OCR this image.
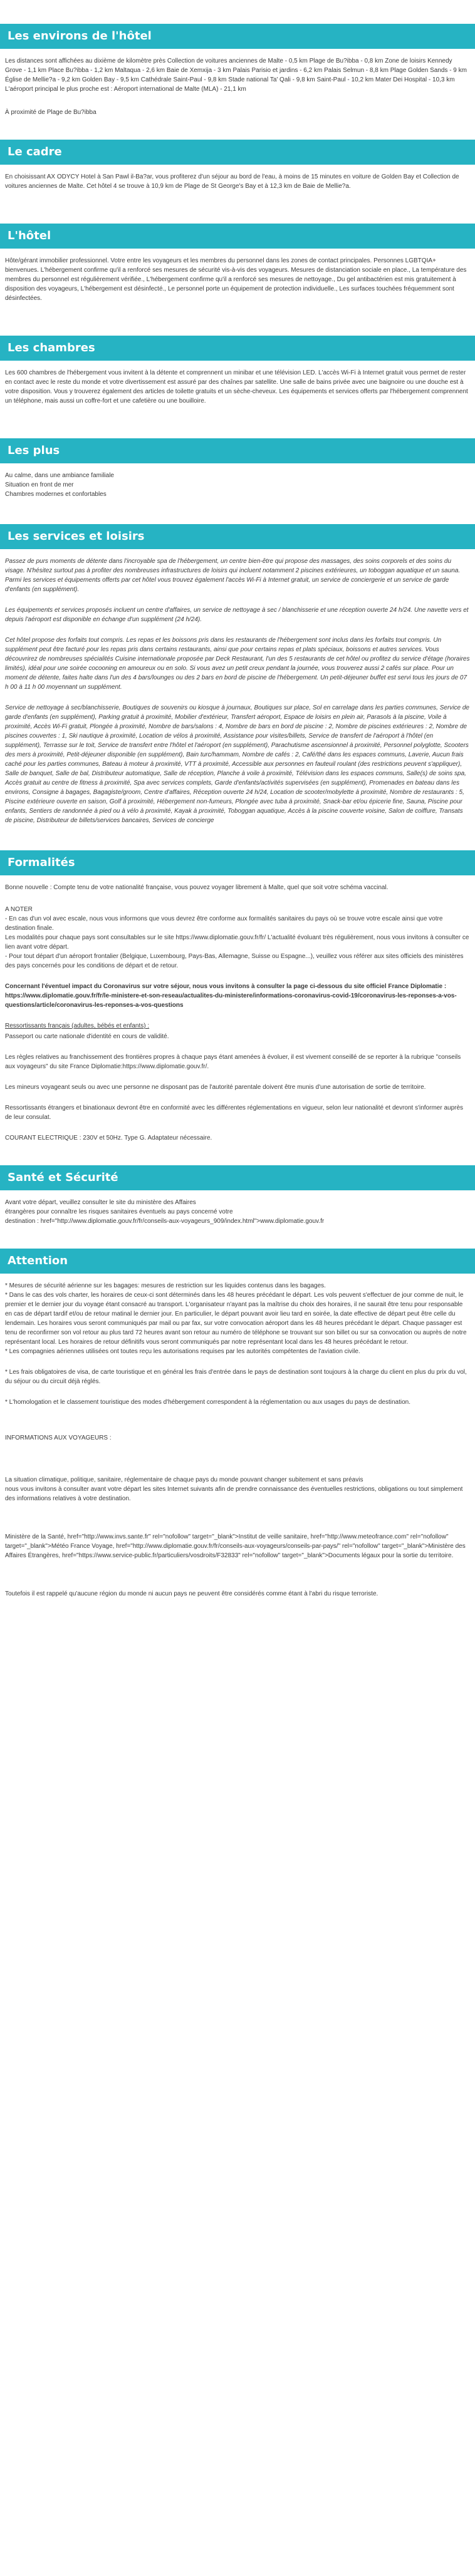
Les environs de l'hôtel
Les distances sont affichées au dixième de kilomètre près Collection de voitures anciennes de Malte - 0,5 km Plage de Bu?ibba - 0,8 km Zone de loisirs Kennedy Grove - 1,1 km Place Bu?ibba - 1,2 km Maltaqua - 2,6 km Baie de Xemxija - 3 km Palais Parisio et jardins - 6,2 km Palais Selmun - 8,8 km Plage Golden Sands - 9 km Église de Mellie?a - 9,2 km Golden Bay - 9,5 km Cathédrale Saint-Paul - 9,8 km Stade national Ta' Qali - 9,8 km Saint-Paul - 10,2 km Mater Dei Hospital - 10,3 km L'aéroport principal le plus proche est : Aéroport international de Malte (MLA) - 21,1 km
À proximité de Plage de Bu?ibba
Le cadre
En choisissant AX ODYCY Hotel à San Pawl il-Ba?ar, vous profiterez d'un séjour au bord de l'eau, à moins de 15 minutes en voiture de Golden Bay et Collection de voitures anciennes de Malte. Cet hôtel 4 se trouve à 10,9 km de Plage de St George's Bay et à 12,3 km de Baie de Mellie?a.
L'hôtel
Hôte/gérant immobilier professionnel. Votre entre les voyageurs et les membres du personnel dans les zones de contact principales. Personnes LGBTQIA+ bienvenues. L'hébergement confirme qu'il a renforcé ses mesures de sécurité vis-à-vis des voyageurs. Mesures de distanciation sociale en place., La température des membres du personnel est régulièrement vérifiée., L'hébergement confirme qu'il a renforcé ses mesures de nettoyage., Du gel antibactérien est mis gratuitement à disposition des voyageurs, L'hébergement est désinfecté., Le personnel porte un équipement de protection individuelle., Les surfaces touchées fréquemment sont désinfectées.
Les chambres
Les 600 chambres de l'hébergement vous invitent à la détente et comprennent un minibar et une télévision LED. L'accès Wi-Fi à Internet gratuit vous permet de rester en contact avec le reste du monde et votre divertissement est assuré par des chaînes par satellite. Une salle de bains privée avec une baignoire ou une douche est à votre disposition. Vous y trouverez également des articles de toilette gratuits et un sèche-cheveux. Les équipements et services offerts par l'hébergement comprennent un téléphone, mais aussi un coffre-fort et une cafetière ou une bouilloire.
Les plus
Au calme, dans une ambiance familiale
Situation en front de mer
Chambres modernes et confortables
Les services et loisirs
Passez de purs moments de détente dans l'incroyable spa de l'hébergement, un centre bien-être qui propose des massages, des soins corporels et des soins du visage. N'hésitez surtout pas à profiter des nombreuses infrastructures de loisirs qui incluent notamment 2 piscines extérieures, un toboggan aquatique et un sauna. Parmi les services et équipements offerts par cet hôtel vous trouvez également l'accès Wi-Fi à Internet gratuit, un service de conciergerie et un service de garde d'enfants (en supplément).
Les équipements et services proposés incluent un centre d'affaires, un service de nettoyage à sec / blanchisserie et une réception ouverte 24 h/24. Une navette vers et depuis l'aéroport est disponible en échange d'un supplément (24 h/24).
Cet hôtel propose des forfaits tout compris. Les repas et les boissons pris dans les restaurants de l'hébergement sont inclus dans les forfaits tout compris. Un supplément peut être facturé pour les repas pris dans certains restaurants, ainsi que pour certains repas et plats spéciaux, boissons et autres services. Vous découvrirez de nombreuses spécialités Cuisine internationale proposée par Deck Restaurant, l'un des 5 restaurants de cet hôtel ou profitez du service d'étage (horaires limités), idéal pour une soirée cocooning en amoureux ou en solo. Si vous avez un petit creux pendant la journée, vous trouverez aussi 2 cafés sur place. Pour un moment de détente, faites halte dans l'un des 4 bars/lounges ou des 2 bars en bord de piscine de l'hébergement. Un petit-déjeuner buffet est servi tous les jours de 07 h 00 à 11 h 00 moyennant un supplément.
Service de nettoyage à sec/blanchisserie, Boutiques de souvenirs ou kiosque à journaux, Boutiques sur place, Sol en carrelage dans les parties communes, Service de garde d'enfants (en supplément), Parking gratuit à proximité, Mobilier d'extérieur, Transfert aéroport, Espace de loisirs en plein air, Parasols à la piscine, Voile à proximité, Accès Wi-Fi gratuit, Plongée à proximité, Nombre de bars/salons : 4, Nombre de bars en bord de piscine : 2, Nombre de piscines extérieures : 2, Nombre de piscines couvertes : 1, Ski nautique à proximité, Location de vélos à proximité, Assistance pour visites/billets, Service de transfert de l'aéroport à l'hôtel (en supplément), Terrasse sur le toit, Service de transfert entre l'hôtel et l'aéroport (en supplément), Parachutisme ascensionnel à proximité, Personnel polyglotte, Scooters des mers à proximité, Petit-déjeuner disponible (en supplément), Bain turc/hammam, Nombre de cafés : 2, Café/thé dans les espaces communs, Laverie, Aucun frais caché pour les parties communes, Bateau à moteur à proximité, VTT à proximité, Accessible aux personnes en fauteuil roulant (des restrictions peuvent s'appliquer), Salle de banquet, Salle de bal, Distributeur automatique, Salle de réception, Planche à voile à proximité, Télévision dans les espaces communs, Salle(s) de soins spa, Accès gratuit au centre de fitness à proximité, Spa avec services complets, Garde d'enfants/activités supervisées (en supplément), Promenades en bateau dans les environs, Consigne à bagages, Bagagiste/groom, Centre d'affaires, Réception ouverte 24 h/24, Location de scooter/mobylette à proximité, Nombre de restaurants : 5, Piscine extérieure ouverte en saison, Golf à proximité, Hébergement non-fumeurs, Plongée avec tuba à proximité, Snack-bar et/ou épicerie fine, Sauna, Piscine pour enfants, Sentiers de randonnée à pied ou à vélo à proximité, Kayak à proximité, Toboggan aquatique, Accès à la piscine couverte voisine, Salon de coiffure, Transats de piscine, Distributeur de billets/services bancaires, Services de concierge
Formalités
Bonne nouvelle : Compte tenu de votre nationalité française, vous pouvez voyager librement à Malte, quel que soit votre schéma vaccinal.
A NOTER
- En cas d'un vol avec escale, nous vous informons que vous devrez être conforme aux formalités sanitaires du pays où se trouve votre escale ainsi que votre destination finale.
Les modalités pour chaque pays sont consultables sur le site https://www.diplomatie.gouv.fr/fr/ L'actualité évoluant très régulièrement, nous vous invitons à consulter ce lien avant votre départ.
- Pour tout départ d'un aéroport frontalier (Belgique, Luxembourg, Pays-Bas, Allemagne, Suisse ou Espagne...), veuillez vous référer aux sites officiels des ministères des pays concernés pour les conditions de départ et de retour.
Concernant l'éventuel impact du Coronavirus sur votre séjour, nous vous invitons à consulter la page ci-dessous du site officiel France Diplomatie :
https://www.diplomatie.gouv.fr/fr/le-ministere-et-son-reseau/actualites-du-ministere/informations-coronavirus-covid-19/coronavirus-les-reponses-a-vos-questions/article/coronavirus-les-reponses-a-vos-questions
Ressortissants français (adultes, bébés et enfants) :
Passeport ou carte nationale d'identité en cours de validité.
Les règles relatives au franchissement des frontières propres à chaque pays étant amenées à évoluer, il est vivement conseillé de se reporter à la rubrique "conseils aux voyageurs" du site France Diplomatie:https://www.diplomatie.gouv.fr/.
Les mineurs voyageant seuls ou avec une personne ne disposant pas de l'autorité parentale doivent être munis d'une autorisation de sortie de territoire.
Ressortissants étrangers et binationaux devront être en conformité avec les différentes réglementations en vigueur, selon leur nationalité et devront s'informer auprès de leur consulat.
COURANT ELECTRIQUE : 230V et 50Hz. Type G. Adaptateur nécessaire.
Santé et Sécurité
Avant votre départ, veuillez consulter le site du ministère des Affaires
étrangères pour connaître les risques sanitaires éventuels au pays concerné votre
destination : href="http://www.diplomatie.gouv.fr/fr/conseils-aux-voyageurs_909/index.html">www.diplomatie.gouv.fr
Attention
* Mesures de sécurité aérienne sur les bagages: mesures de restriction sur les liquides contenus dans les bagages.
* Dans le cas des vols charter, les horaires de ceux-ci sont déterminés dans les 48 heures précédant le départ. Les vols peuvent s'effectuer de jour comme de nuit, le premier et le dernier jour du voyage étant consacré au transport. L'organisateur n'ayant pas la maîtrise du choix des horaires, il ne saurait être tenu pour responsable en cas de départ tardif et/ou de retour matinal le dernier jour. En particulier, le départ pouvant avoir lieu tard en soirée, la date effective de départ peut être celle du lendemain. Les horaires vous seront communiqués par mail ou par fax, sur votre convocation aéroport dans les 48 heures précédant le départ. Chaque passager est tenu de reconfirmer son vol retour au plus tard 72 heures avant son retour au numéro de téléphone se trouvant sur son billet ou sur sa convocation ou auprès de notre représentant local. Les horaires de retour définitifs vous seront communiqués par notre représentant local dans les 48 heures précédant le retour.
* Les compagnies aériennes utilisées ont toutes reçu les autorisations requises par les autorités compétentes de l'aviation civile.
* Les frais obligatoires de visa, de carte touristique et en général les frais d'entrée dans le pays de destination sont toujours à la charge du client en plus du prix du vol, du séjour ou du circuit déjà réglés.
* L'homologation et le classement touristique des modes d'hébergement correspondent à la réglementation ou aux usages du pays de destination.
INFORMATIONS AUX VOYAGEURS :
La situation climatique, politique, sanitaire, réglementaire de chaque pays du monde pouvant changer subitement et sans préavis
nous vous invitons à consulter avant votre départ les sites Internet suivants afin de prendre connaissance des éventuelles restrictions, obligations ou tout simplement des informations relatives à votre destination.
Ministère de la Santé, href="http://www.invs.sante.fr" rel="nofollow" target="_blank">Institut de veille sanitaire, href="http://www.meteofrance.com" rel="nofollow" target="_blank">Météo France Voyage, href="http://www.diplomatie.gouv.fr/fr/conseils-aux-voyageurs/conseils-par-pays/" rel="nofollow" target="_blank">Ministère des Affaires Étrangères, href="https://www.service-public.fr/particuliers/vosdroits/F32833" rel="nofollow" target="_blank">Documents légaux pour la sortie du territoire.
Toutefois il est rappelé qu'aucune région du monde ni aucun pays ne peuvent être considérés comme étant à l'abri du risque terroriste.
